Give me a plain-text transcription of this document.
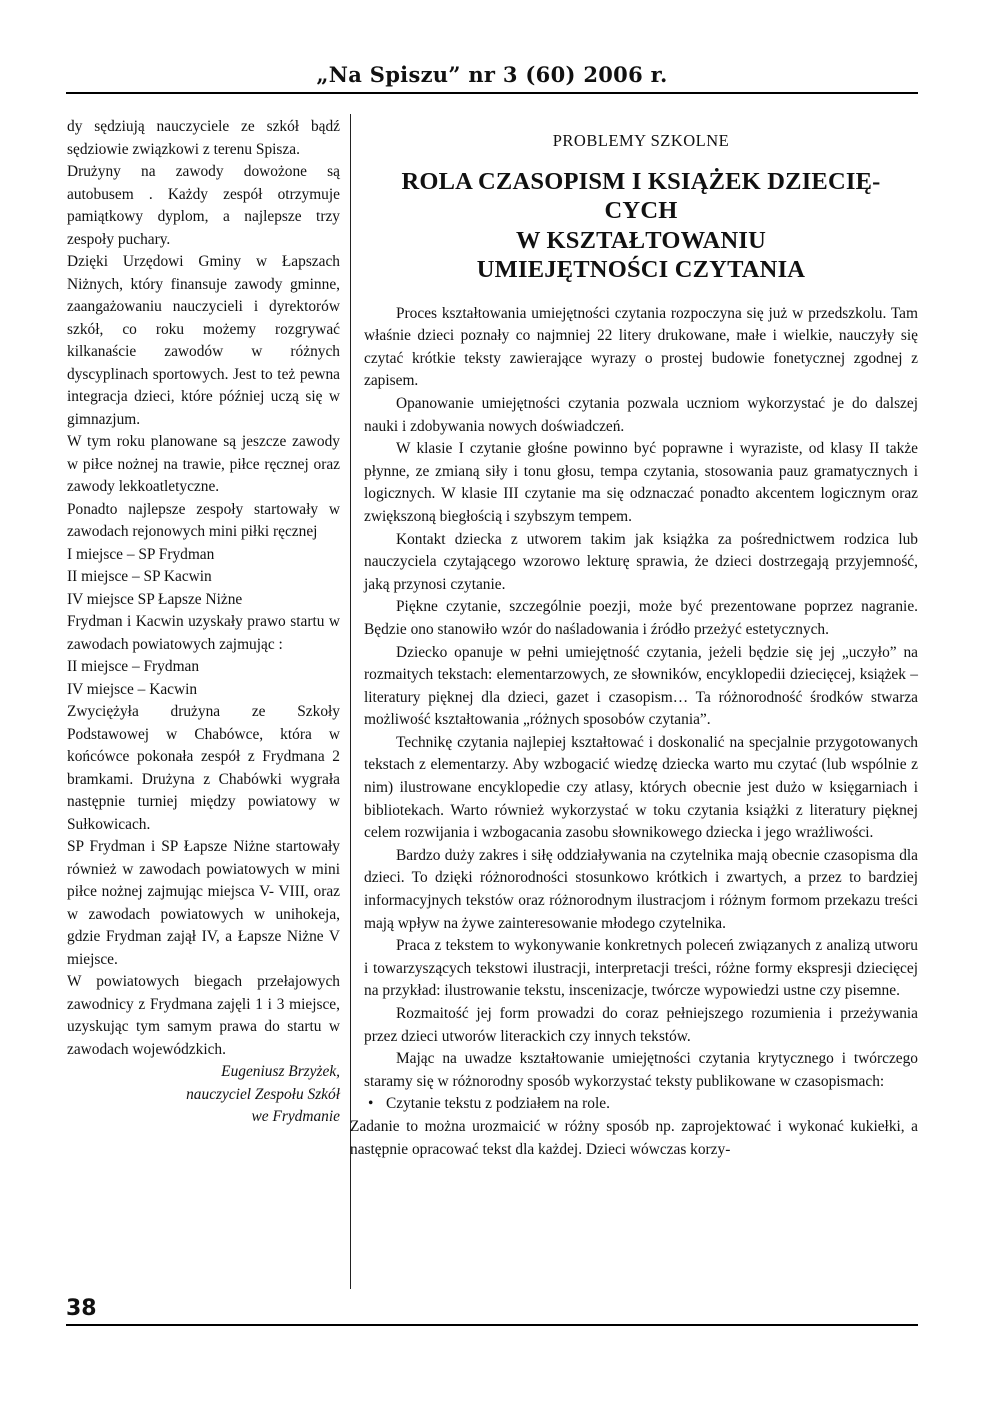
„Na Spiszu” nr 3 (60) 2006 r.

dy sędziują nauczyciele ze szkół bądź sędziowie związkowi z terenu Spisza.

Drużyny na zawody dowożone są autobusem . Każdy zespół otrzymuje pamiątkowy dyplom, a najlepsze trzy zespoły puchary.

Dzięki Urzędowi Gminy w Łapszach Niżnych, który finansuje zawody gminne, zaangażowaniu nauczycieli i dyrektorów szkół, co roku możemy rozgrywać kilkanaście zawodów w różnych dyscyplinach sportowych. Jest to też pewna integracja dzieci, które później uczą się w gimnazjum.

W tym roku planowane są jeszcze zawody w piłce nożnej na trawie, piłce ręcznej oraz zawody lekkoatletyczne.

Ponadto najlepsze zespoły startowały w zawodach rejonowych mini piłki ręcznej

I miejsce – SP Frydman

II miejsce – SP Kacwin

IV miejsce SP Łapsze Niżne

Frydman i Kacwin uzyskały prawo startu w zawodach powiatowych zajmując :

II miejsce – Frydman

IV miejsce – Kacwin

Zwyciężyła drużyna ze Szkoły Podstawowej w Chabówce, która w końcówce pokonała zespół z Frydmana 2 bramkami. Drużyna z Chabówki wygrała następnie turniej między powiatowy w Sułkowicach.

SP Frydman i SP Łapsze Niżne startowały również w zawodach powiatowych w mini piłce nożnej zajmując miejsca V- VIII, oraz w zawodach powiatowych w unihokeja, gdzie Frydman zajął IV, a Łapsze Niżne V miejsce.

W powiatowych biegach przełajowych zawodnicy z Frydmana zajęli 1 i 3 miejsce, uzyskując tym samym prawa do startu w zawodach wojewódzkich.

Eugeniusz Brzyżek,

nauczyciel Zespołu Szkół

we Frydmanie

PROBLEMY SZKOLNE
ROLA CZASOPISM I KSIĄŻEK DZIECIĘ-
CYCH
W KSZTAŁTOWANIU
UMIEJĘTNOŚCI CZYTANIA

Proces kształtowania umiejętności czytania rozpoczyna się już w przedszkolu. Tam właśnie dzieci poznały co najmniej 22 litery drukowane, małe i wielkie, nauczyły się czytać krótkie teksty zawierające wyrazy o prostej budowie fonetycznej zgodnej z zapisem.

Opanowanie umiejętności czytania pozwala uczniom wykorzystać je do dalszej nauki i zdobywania nowych doświadczeń.

W klasie I czytanie głośne powinno być poprawne i wyraziste, od klasy II także płynne, ze zmianą siły i tonu głosu, tempa czytania, stosowania pauz gramatycznych i logicznych. W klasie III czytanie ma się odznaczać ponadto akcentem logicznym oraz zwiększoną biegłością i szybszym tempem.

Kontakt dziecka z utworem takim jak książka za pośrednictwem rodzica lub nauczyciela czytającego wzorowo lekturę sprawia, że dzieci dostrzegają przyjemność, jaką przynosi czytanie.

Piękne czytanie, szczególnie poezji, może być prezentowane poprzez nagranie. Będzie ono stanowiło wzór do naśladowania i źródło przeżyć estetycznych.

Dziecko opanuje w pełni umiejętność czytania, jeżeli będzie się jej „uczyło” na rozmaitych tekstach: elementarzowych, ze słowników, encyklopedii dziecięcej, książek – literatury pięknej dla dzieci, gazet i czasopism… Ta różnorodność środków stwarza możliwość kształtowania „różnych sposobów czytania”.

Technikę czytania najlepiej kształtować i doskonalić na specjalnie przygotowanych tekstach z elementarzy. Aby wzbogacić wiedzę dziecka warto mu czytać (lub wspólnie z nim) ilustrowane encyklopedie czy atlasy, których obecnie jest dużo w księgarniach i bibliotekach. Warto również wykorzystać w toku czytania książki z literatury pięknej celem rozwijania i wzbogacania zasobu słownikowego dziecka i jego wrażliwości.

Bardzo duży zakres i siłę oddziaływania na czytelnika mają obecnie czasopisma dla dzieci. To dzięki różnorodności stosunkowo krótkich i zwartych, a przez to bardziej informacyjnych tekstów oraz różnorodnym ilustracjom i różnym formom przekazu treści mają wpływ na żywe zainteresowanie młodego czytelnika.

Praca z tekstem to wykonywanie konkretnych poleceń związanych z analizą utworu i towarzyszących tekstowi ilustracji, interpretacji treści, różne formy ekspresji dziecięcej na przykład: ilustrowanie tekstu, inscenizacje, twórcze wypowiedzi ustne czy pisemne.

Rozmaitość jej form prowadzi do coraz pełniejszego rozumienia i przeżywania przez dzieci utworów literackich czy innych tekstów.

Mając na uwadze kształtowanie umiejętności czytania krytycznego i twórczego staramy się w różnorodny sposób wykorzystać teksty publikowane w czasopismach:

• Czytanie tekstu z podziałem na role.

Zadanie to można urozmaicić w różny sposób np. zaprojektować i wykonać kukiełki, a następnie opracować tekst dla każdej. Dzieci wówczas korzy-

38
